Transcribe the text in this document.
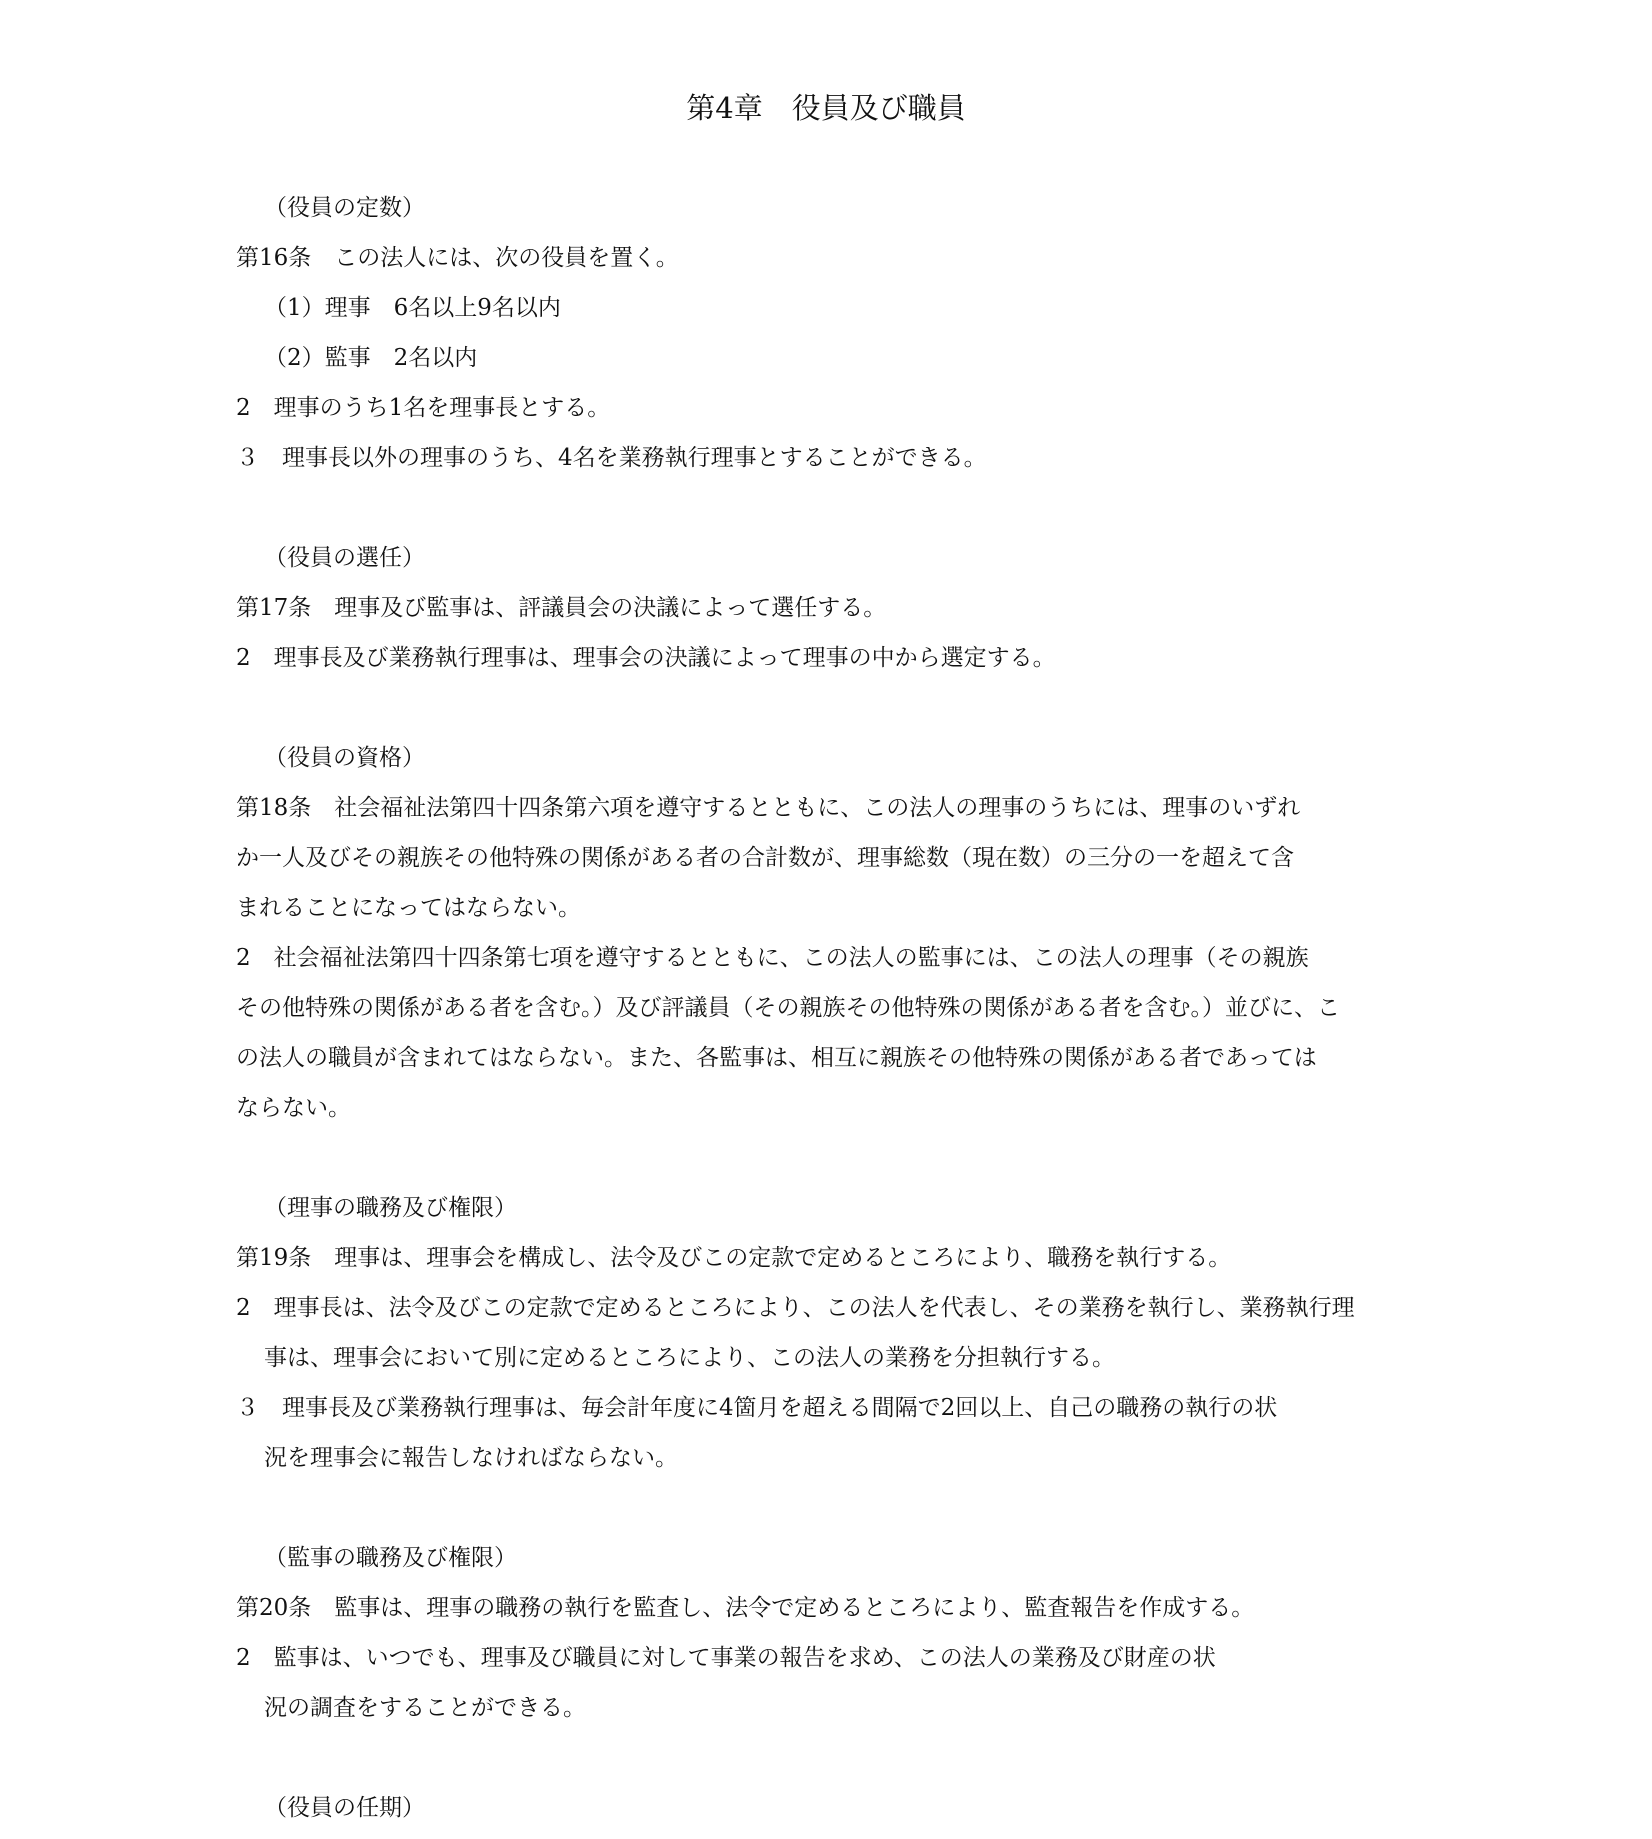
第4章　役員及び職員

（役員の定数）

第16条　この法人には、次の役員を置く。

（1）理事　6名以上9名以内

（2）監事　2名以内

2　理事のうち1名を理事長とする。

３　理事長以外の理事のうち、4名を業務執行理事とすることができる。

（役員の選任）

第17条　理事及び監事は、評議員会の決議によって選任する。

2　理事長及び業務執行理事は、理事会の決議によって理事の中から選定する。

（役員の資格）

第18条　社会福祉法第四十四条第六項を遵守するとともに、この法人の理事のうちには、理事のいずれ

か一人及びその親族その他特殊の関係がある者の合計数が、理事総数（現在数）の三分の一を超えて含

まれることになってはならない。

2　社会福祉法第四十四条第七項を遵守するとともに、この法人の監事には、この法人の理事（その親族

その他特殊の関係がある者を含む。）及び評議員（その親族その他特殊の関係がある者を含む。）並びに、こ

の法人の職員が含まれてはならない。また、各監事は、相互に親族その他特殊の関係がある者であっては

ならない。

（理事の職務及び権限）

第19条　理事は、理事会を構成し、法令及びこの定款で定めるところにより、職務を執行する。

2　理事長は、法令及びこの定款で定めるところにより、この法人を代表し、その業務を執行し、業務執行理

事は、理事会において別に定めるところにより、この法人の業務を分担執行する。

３　理事長及び業務執行理事は、毎会計年度に4箇月を超える間隔で2回以上、自己の職務の執行の状

況を理事会に報告しなければならない。

（監事の職務及び権限）

第20条　監事は、理事の職務の執行を監査し、法令で定めるところにより、監査報告を作成する。

2　監事は、いつでも、理事及び職員に対して事業の報告を求め、この法人の業務及び財産の状

況の調査をすることができる。

（役員の任期）
